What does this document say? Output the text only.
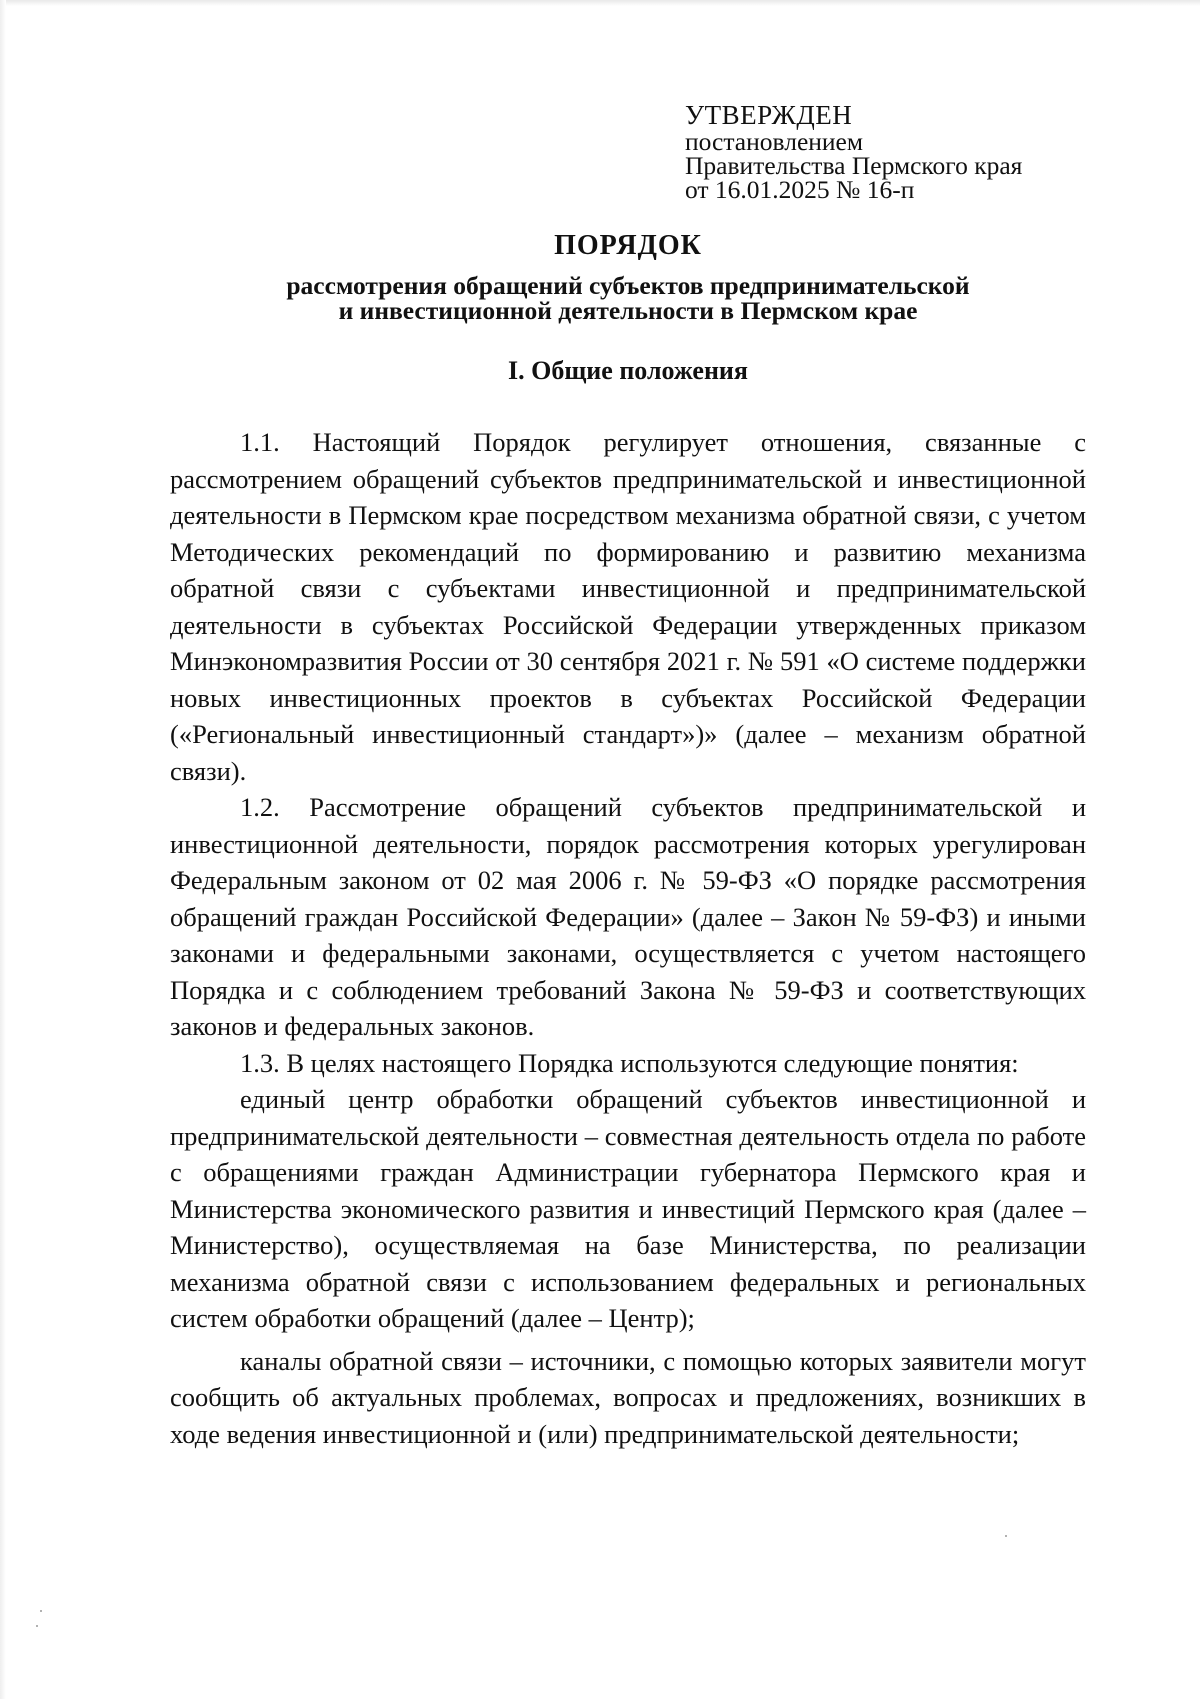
УТВЕРЖДЕН
постановлением
Правительства Пермского края
от 16.01.2025 № 16-п
ПОРЯДОК
рассмотрения обращений субъектов предпринимательской
и инвестиционной деятельности в Пермском крае
I. Общие положения

1.1. Настоящий Порядок регулирует отношения, связанные с рассмотрением обращений субъектов предпринимательской и инвестиционной деятельности в Пермском крае посредством механизма обратной связи, с учетом Методических рекомендаций по формированию и развитию механизма обратной связи с субъектами инвестиционной и предпринимательской деятельности в субъектах Российской Федерации утвержденных приказом Минэкономразвития России от 30 сентября 2021 г. № 591 «О системе поддержки новых инвестиционных проектов в субъектах Российской Федерации («Региональный инвестиционный стандарт»)» (далее – механизм обратной связи).

1.2. Рассмотрение обращений субъектов предпринимательской и инвестиционной деятельности, порядок рассмотрения которых урегулирован Федеральным законом от 02 мая 2006 г. № 59-ФЗ «О порядке рассмотрения обращений граждан Российской Федерации» (далее – Закон № 59-ФЗ) и иными законами и федеральными законами, осуществляется с учетом настоящего Порядка и с соблюдением требований Закона № 59-ФЗ и соответствующих законов и федеральных законов.

1.3. В целях настоящего Порядка используются следующие понятия:

единый центр обработки обращений субъектов инвестиционной и предпринимательской деятельности – совместная деятельность отдела по работе с обращениями граждан Администрации губернатора Пермского края и Министерства экономического развития и инвестиций Пермского края (далее – Министерство), осуществляемая на базе Министерства, по реализации механизма обратной связи с использованием федеральных и региональных систем обработки обращений (далее – Центр);

каналы обратной связи – источники, с помощью которых заявители могут сообщить об актуальных проблемах, вопросах и предложениях, возникших в ходе ведения инвестиционной и (или) предпринимательской деятельности;
